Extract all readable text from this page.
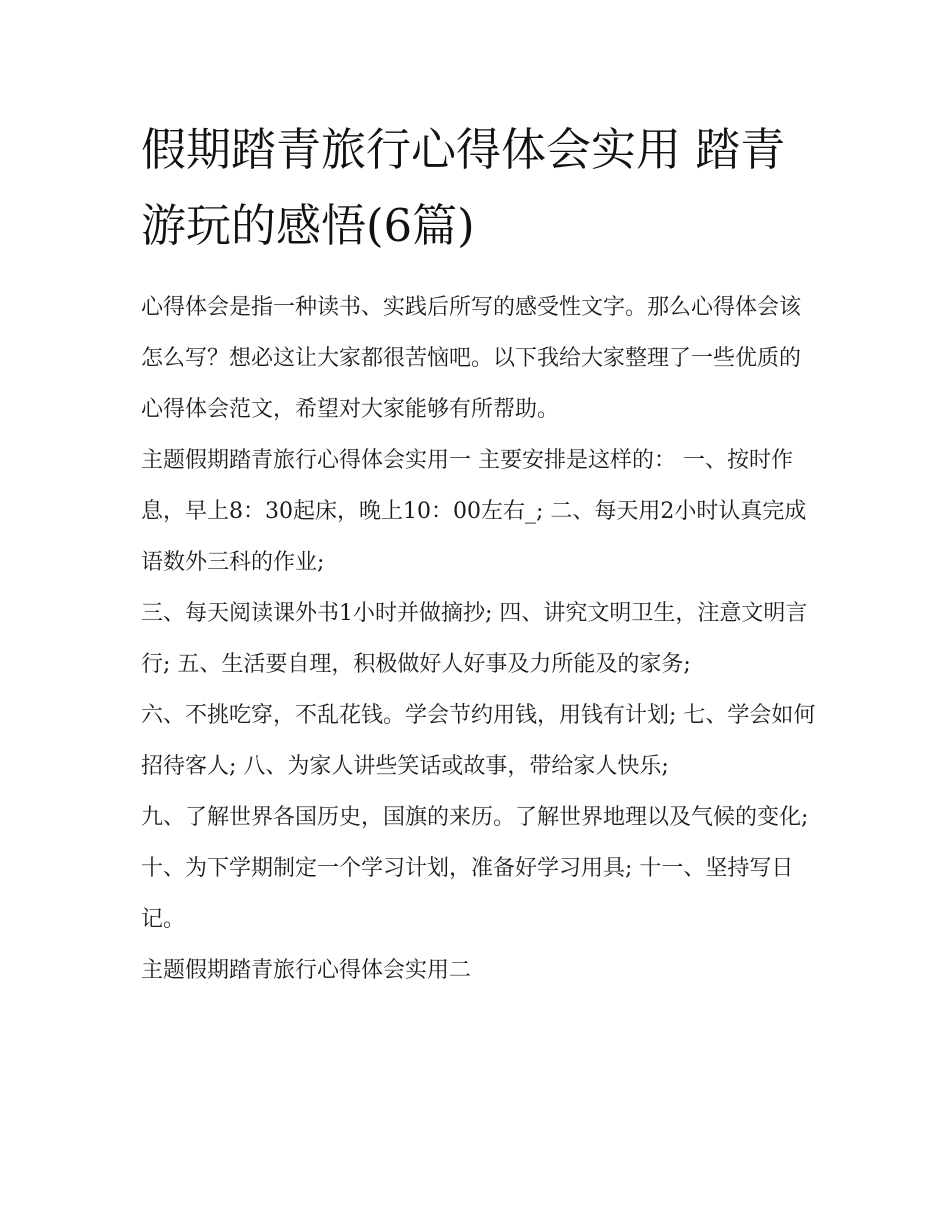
假期踏青旅行心得体会实用 踏青游玩的感悟(6篇)

心得体会是指一种读书、实践后所写的感受性文字。那么心得体会该怎么写？想必这让大家都很苦恼吧。以下我给大家整理了一些优质的心得体会范文，希望对大家能够有所帮助。

主题假期踏青旅行心得体会实用一 主要安排是这样的： 一、按时作息，早上8：30起床，晚上10：00左右_; 二、每天用2小时认真完成语数外三科的作业;

三、每天阅读课外书1小时并做摘抄; 四、讲究文明卫生，注意文明言行; 五、生活要自理，积极做好人好事及力所能及的家务;

六、不挑吃穿，不乱花钱。学会节约用钱，用钱有计划; 七、学会如何招待客人; 八、为家人讲些笑话或故事，带给家人快乐;

九、了解世界各国历史，国旗的来历。了解世界地理以及气候的变化; 十、为下学期制定一个学习计划，准备好学习用具; 十一、坚持写日记。

主题假期踏青旅行心得体会实用二
